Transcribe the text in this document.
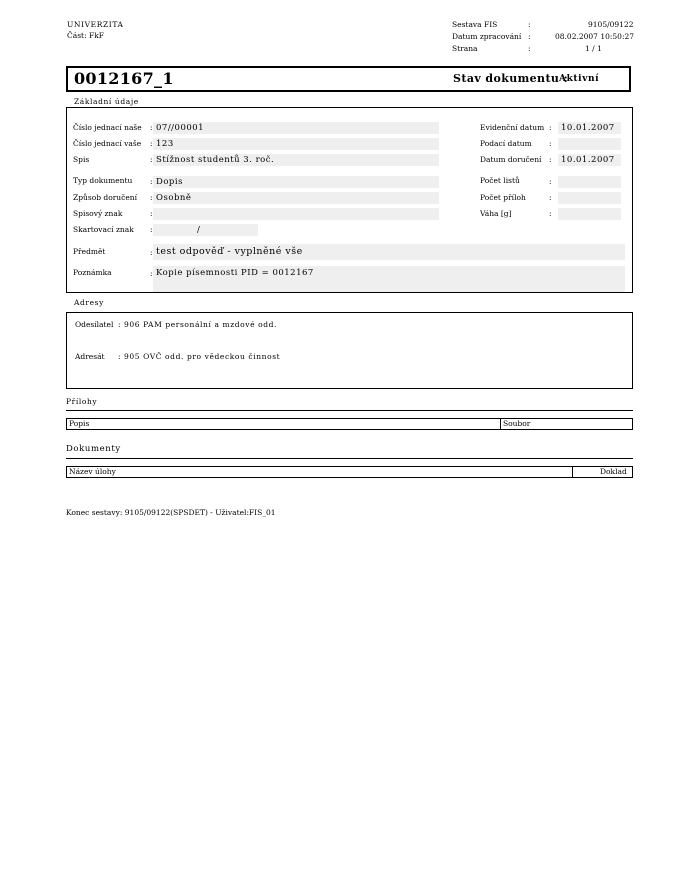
UNIVERZITA
Část: FkF
Sestava FIS	:	9105/09122
Datum zpracování :	08.02.2007 10:50:27
Strana	:	1 / 1
0012167_1	Stav dokumentu :
Aktivní
Základní údaje
Číslo jednací naše : 07//00001
Číslo jednací vaše : 123
Spis	: Stížnost studentů 3. roč.
Typ dokumentu : Dopis
Způsob doručení : Osobně
Spisový znak	:
Skartovací znak :	/
Evidenční datum :	10.01.2007
Podací datum :
Datum doručení :	10.01.2007
Počet listů	:
Počet příloh	:
Váha [g]	:
Předmět	: test odpověď - vyplněné vše
Poznámka	: Kopie písemnosti PID = 0012167
Adresy
Odesílatel : 906 PAM personální a mzdové odd.
Adresát : 905 OVČ odd. pro vědeckou činnost
Přílohy
Popis	Soubor
Dokumenty
Název úlohy	Doklad
Konec sestavy: 9105/09122(SPSDET) - Uživatel:FIS_01
